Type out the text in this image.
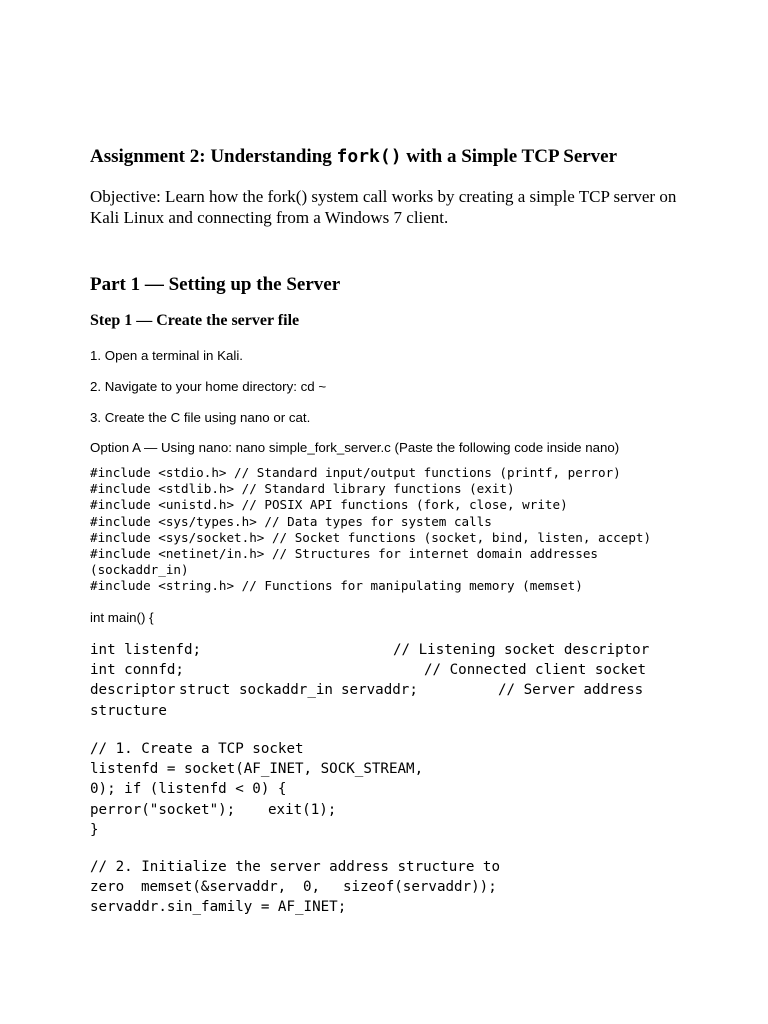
Assignment 2: Understanding fork() with a Simple TCP Server
Objective: Learn how the fork() system call works by creating a simple TCP server on Kali Linux and connecting from a Windows 7 client.
Part 1 — Setting up the Server
Step 1 — Create the server file
1. Open a terminal in Kali.
2. Navigate to your home directory: cd ~
3. Create the C file using nano or cat.
Option A — Using nano: nano simple_fork_server.c (Paste the following code inside nano)
#include <stdio.h> // Standard input/output functions (printf, perror)
#include <stdlib.h> // Standard library functions (exit)
#include <unistd.h> // POSIX API functions (fork, close, write)
#include <sys/types.h> // Data types for system calls
#include <sys/socket.h> // Socket functions (socket, bind, listen, accept)
#include <netinet/in.h> // Structures for internet domain addresses
(sockaddr_in)
#include <string.h> // Functions for manipulating memory (memset)
int main() {
int listenfd;	// Listening socket descriptor
int connfd;	// Connected client socket
descriptor struct sockaddr_in servaddr;	// Server address
structure
// 1. Create a TCP socket
listenfd = socket(AF_INET, SOCK_STREAM,
0); if (listenfd < 0) {
perror("socket"); exit(1);
}
// 2. Initialize the server address structure to
zero memset(&servaddr, 0, sizeof(servaddr));
servaddr.sin_family = AF_INET;
